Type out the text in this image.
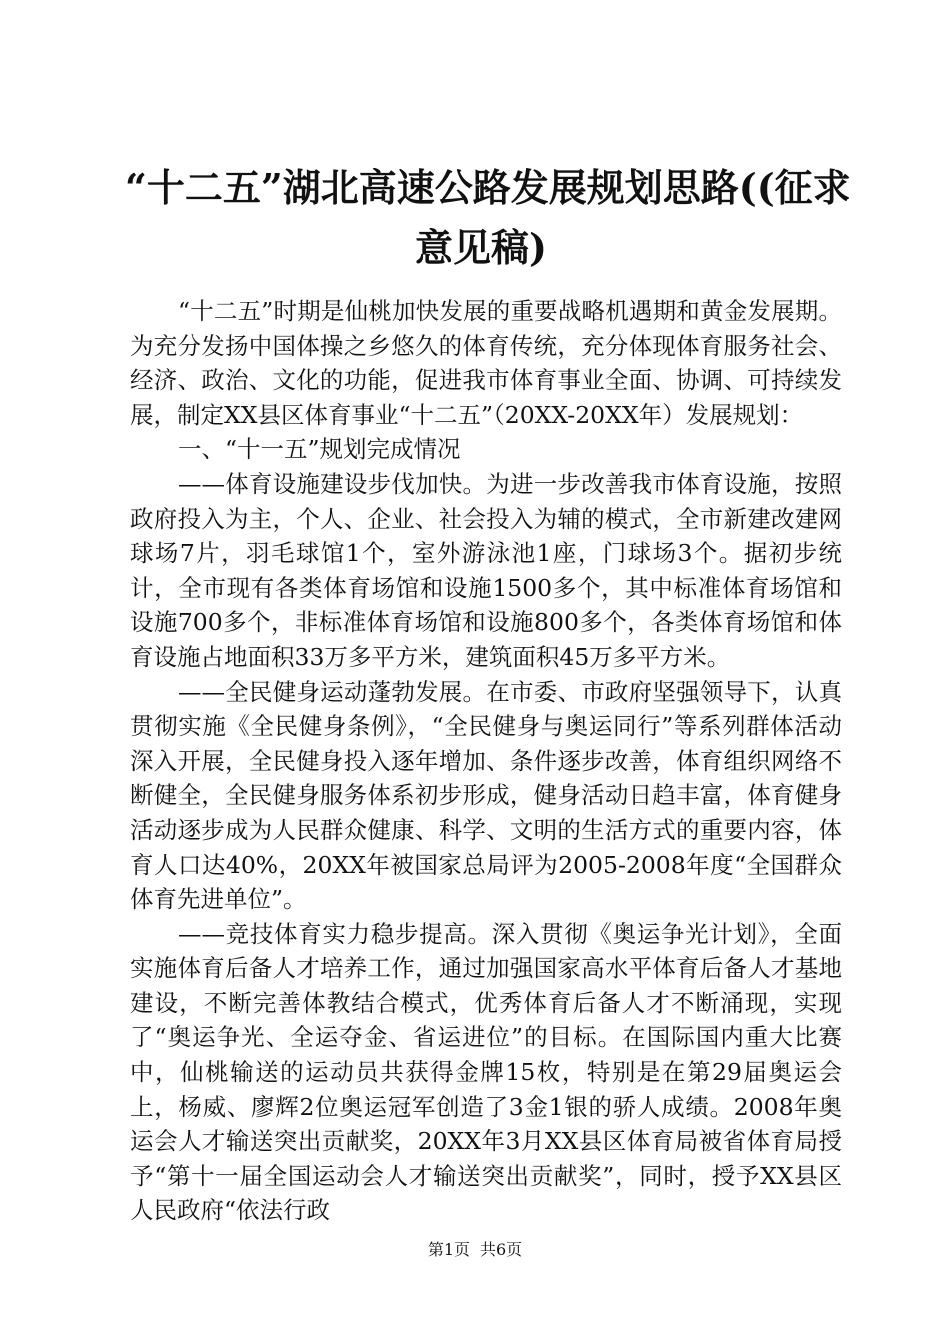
“十二五”湖北高速公路发展规划思路((征求
意见稿)

“十二五”时期是仙桃加快发展的重要战略机遇期和黄金发展期。为充分发扬中国体操之乡悠久的体育传统，充分体现体育服务社会、经济、政治、文化的功能，促进我市体育事业全面、协调、可持续发展，制定XX县区体育事业“十二五”（20XX-20XX年）发展规划：

一、“十一五”规划完成情况

——体育设施建设步伐加快。为进一步改善我市体育设施，按照政府投入为主，个人、企业、社会投入为辅的模式，全市新建改建网球场7片，羽毛球馆1个，室外游泳池1座，门球场3个。据初步统计，全市现有各类体育场馆和设施1500多个，其中标准体育场馆和设施700多个，非标准体育场馆和设施800多个，各类体育场馆和体育设施占地面积33万多平方米，建筑面积45万多平方米。

——全民健身运动蓬勃发展。在市委、市政府坚强领导下，认真贯彻实施《全民健身条例》，“全民健身与奥运同行”等系列群体活动深入开展，全民健身投入逐年增加、条件逐步改善，体育组织网络不断健全，全民健身服务体系初步形成，健身活动日趋丰富，体育健身活动逐步成为人民群众健康、科学、文明的生活方式的重要内容，体育人口达40%，20XX年被国家总局评为2005-2008年度“全国群众体育先进单位”。

——竞技体育实力稳步提高。深入贯彻《奥运争光计划》，全面实施体育后备人才培养工作，通过加强国家高水平体育后备人才基地建设，不断完善体教结合模式，优秀体育后备人才不断涌现，实现了“奥运争光、全运夺金、省运进位”的目标。在国际国内重大比赛中，仙桃输送的运动员共获得金牌15枚，特别是在第29届奥运会上，杨威、廖辉2位奥运冠军创造了3金1银的骄人成绩。2008年奥运会人才输送突出贡献奖，20XX年3月XX县区体育局被省体育局授予“第十一届全国运动会人才输送突出贡献奖”，同时，授予XX县区人民政府“依法行政

第1页 共6页
